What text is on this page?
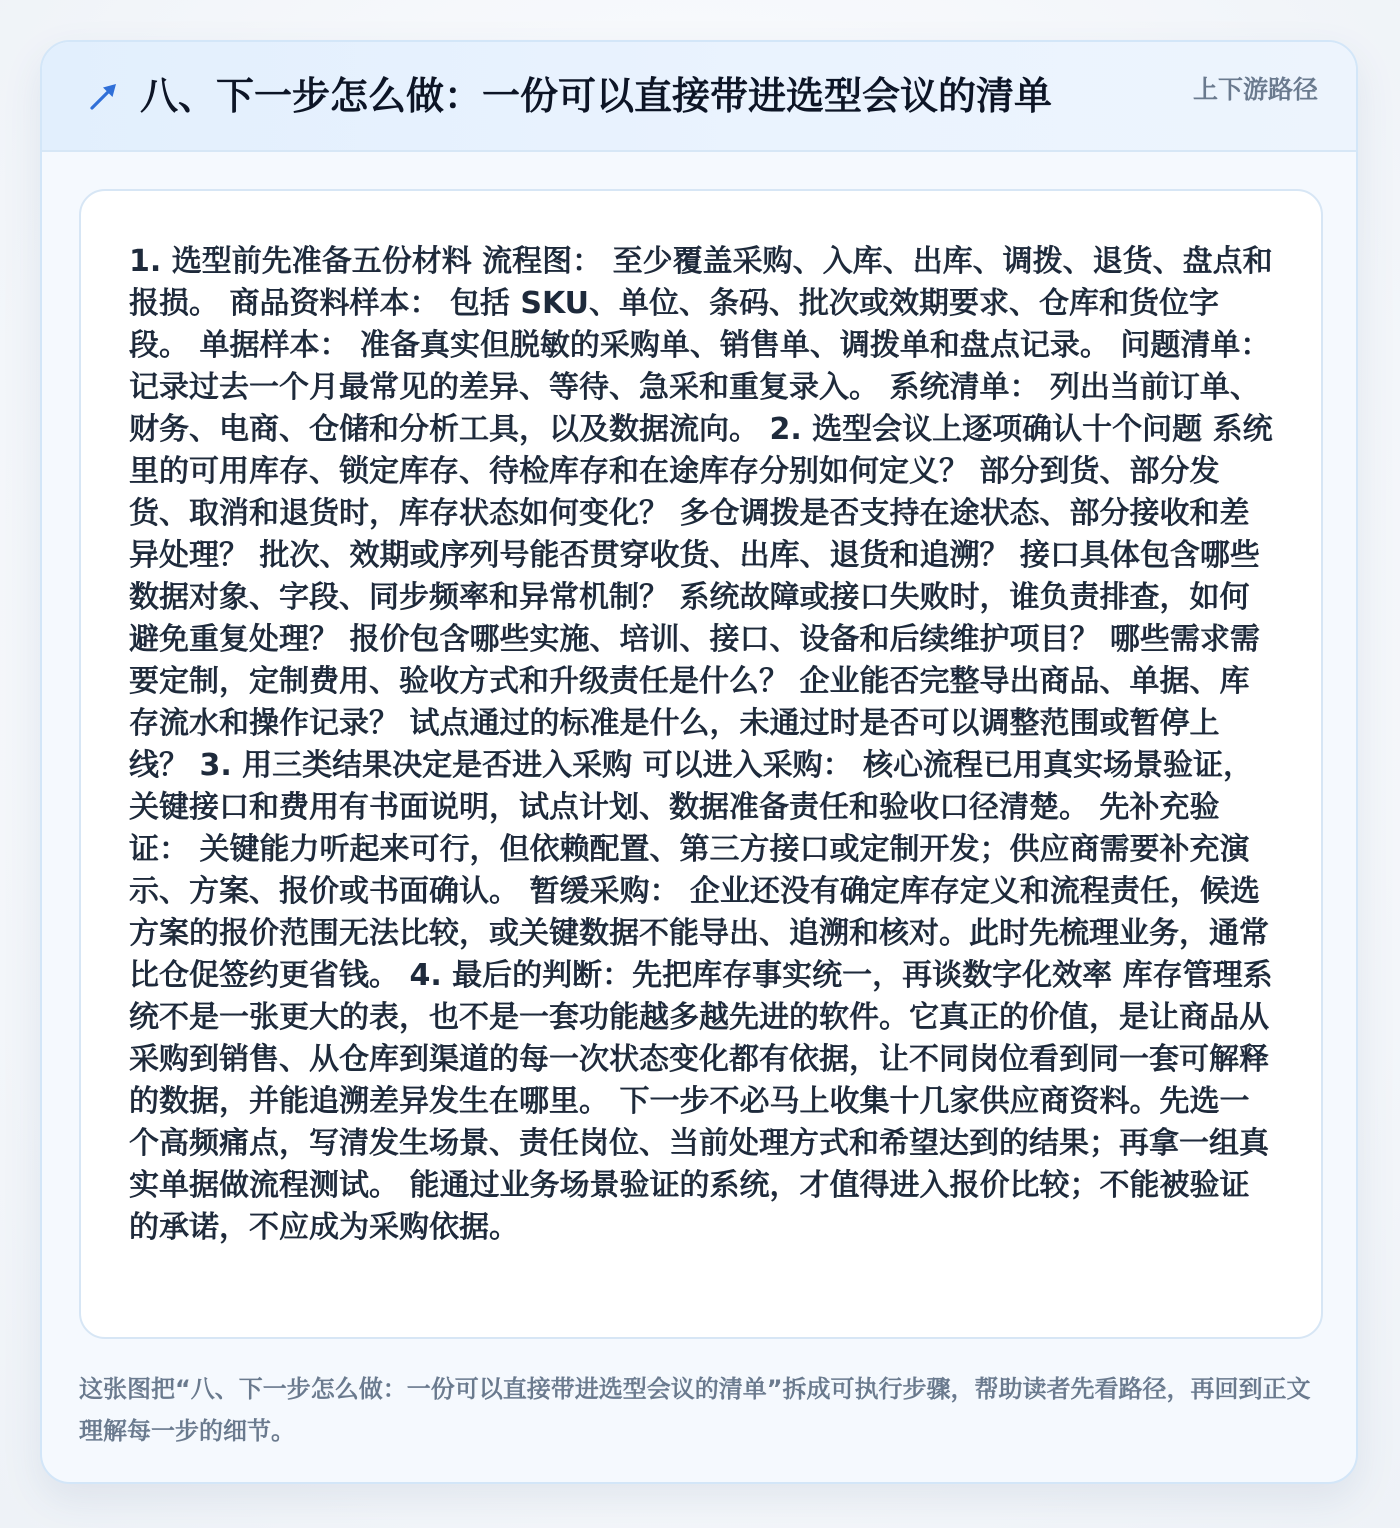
八、下一步怎么做：一份可以直接带进选型会议的清单	上下游路径

1. 选型前先准备五份材料 流程图： 至少覆盖采购、入库、出库、调拨、退货、盘点和报损。 商品资料样本： 包括 SKU、单位、条码、批次或效期要求、仓库和货位字段。 单据样本： 准备真实但脱敏的采购单、销售单、调拨单和盘点记录。 问题清单： 记录过去一个月最常见的差异、等待、急采和重复录入。 系统清单： 列出当前订单、财务、电商、仓储和分析工具，以及数据流向。 2. 选型会议上逐项确认十个问题 系统里的可用库存、锁定库存、待检库存和在途库存分别如何定义？ 部分到货、部分发货、取消和退货时，库存状态如何变化？ 多仓调拨是否支持在途状态、部分接收和差异处理？ 批次、效期或序列号能否贯穿收货、出库、退货和追溯？ 接口具体包含哪些数据对象、字段、同步频率和异常机制？ 系统故障或接口失败时，谁负责排查，如何避免重复处理？ 报价包含哪些实施、培训、接口、设备和后续维护项目？ 哪些需求需要定制，定制费用、验收方式和升级责任是什么？ 企业能否完整导出商品、单据、库存流水和操作记录？ 试点通过的标准是什么，未通过时是否可以调整范围或暂停上线？ 3. 用三类结果决定是否进入采购 可以进入采购： 核心流程已用真实场景验证，关键接口和费用有书面说明，试点计划、数据准备责任和验收口径清楚。 先补充验证： 关键能力听起来可行，但依赖配置、第三方接口或定制开发；供应商需要补充演示、方案、报价或书面确认。 暂缓采购： 企业还没有确定库存定义和流程责任，候选方案的报价范围无法比较，或关键数据不能导出、追溯和核对。此时先梳理业务，通常比仓促签约更省钱。 4. 最后的判断：先把库存事实统一，再谈数字化效率 库存管理系统不是一张更大的表，也不是一套功能越多越先进的软件。它真正的价值，是让商品从采购到销售、从仓库到渠道的每一次状态变化都有依据，让不同岗位看到同一套可解释的数据，并能追溯差异发生在哪里。 下一步不必马上收集十几家供应商资料。先选一个高频痛点，写清发生场景、责任岗位、当前处理方式和希望达到的结果；再拿一组真实单据做流程测试。 能通过业务场景验证的系统，才值得进入报价比较；不能被验证的承诺，不应成为采购依据。

这张图把“八、下一步怎么做：一份可以直接带进选型会议的清单”拆成可执行步骤，帮助读者先看路径，再回到正文理解每一步的细节。
